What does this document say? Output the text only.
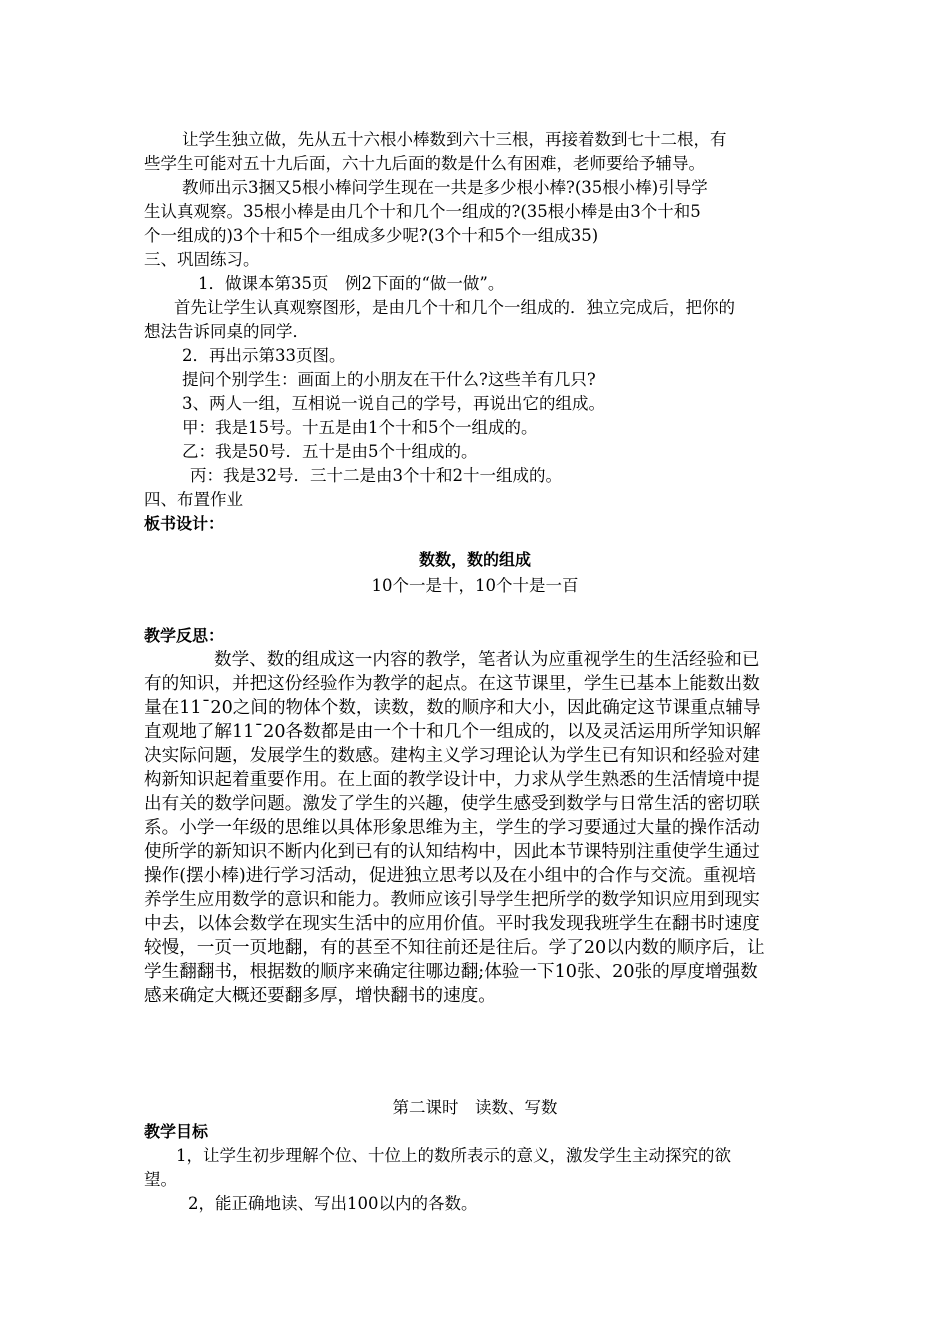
让学生独立做，先从五十六根小棒数到六十三根，再接着数到七十二根，有
些学生可能对五十九后面，六十九后面的数是什么有困难，老师要给予辅导。
教师出示3捆又5根小棒问学生现在一共是多少根小棒?(35根小棒)引导学
生认真观察。35根小棒是由几个十和几个一组成的?(35根小棒是由3个十和5
个一组成的)3个十和5个一组成多少呢?(3个十和5个一组成35)
三、巩固练习。
1．做课本第35页　例2下面的“做一做”。
首先让学生认真观察图形，是由几个十和几个一组成的．独立完成后，把你的
想法告诉同桌的同学．
2．再出示第33页图。
提问个别学生：画面上的小朋友在干什么?这些羊有几只?
3、两人一组，互相说一说自己的学号，再说出它的组成。
甲：我是15号。十五是由1个十和5个一组成的。
乙：我是50号．五十是由5个十组成的。
丙：我是32号．三十二是由3个十和2十一组成的。
四、布置作业
板书设计：
数数，数的组成
10个一是十，10个十是一百
教学反思：
数学、数的组成这一内容的教学，笔者认为应重视学生的生活经验和已
有的知识，并把这份经验作为教学的起点。在这节课里，学生已基本上能数出数
量在11¯20之间的物体个数，读数，数的顺序和大小，因此确定这节课重点辅导
直观地了解11¯20各数都是由一个十和几个一组成的，以及灵活运用所学知识解
决实际问题，发展学生的数感。建构主义学习理论认为学生已有知识和经验对建
构新知识起着重要作用。在上面的教学设计中，力求从学生熟悉的生活情境中提
出有关的数学问题。激发了学生的兴趣，使学生感受到数学与日常生活的密切联
系。小学一年级的思维以具体形象思维为主，学生的学习要通过大量的操作活动
使所学的新知识不断内化到已有的认知结构中，因此本节课特别注重使学生通过
操作(摆小棒)进行学习活动，促进独立思考以及在小组中的合作与交流。重视培
养学生应用数学的意识和能力。教师应该引导学生把所学的数学知识应用到现实
中去，以体会数学在现实生活中的应用价值。平时我发现我班学生在翻书时速度
较慢，一页一页地翻，有的甚至不知往前还是往后。学了20以内数的顺序后，让
学生翻翻书，根据数的顺序来确定往哪边翻;体验一下10张、20张的厚度增强数
感来确定大概还要翻多厚，增快翻书的速度。
第二课时　读数、写数
教学目标
1，让学生初步理解个位、十位上的数所表示的意义，激发学生主动探究的欲
望。
2，能正确地读、写出100以内的各数。
